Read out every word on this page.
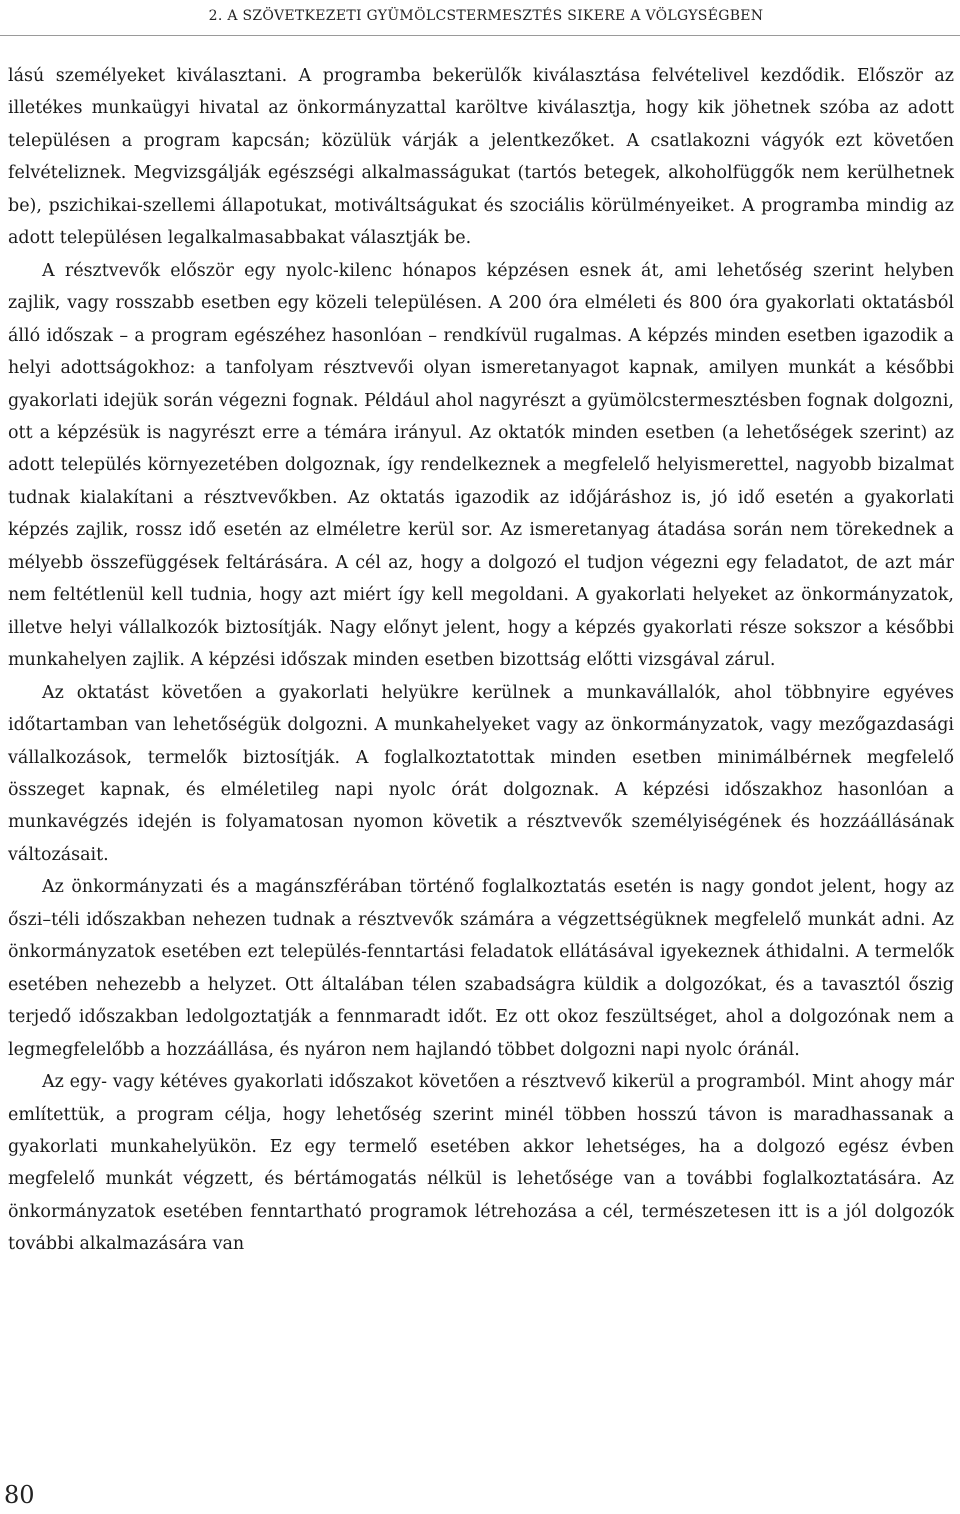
2. A SZÖVETKEZETI GYÜMÖLCSTERMESZTÉS SIKERE A VÖLGYSÉGBEN

lású személyeket kiválasztani. A programba bekerülők kiválasztása felvételivel kezdődik. Először az illetékes munkaügyi hivatal az önkormányzattal karöltve kiválasztja, hogy kik jöhetnek szóba az adott településen a program kapcsán; közülük várják a jelentkezőket. A csatlakozni vágyók ezt követően felvételiznek. Megvizsgálják egészségi alkalmasságukat (tartós betegek, alkoholfüggők nem kerülhetnek be), pszichikai-szellemi állapotukat, motiváltságukat és szociális körülményeiket. A programba mindig az adott településen legalkalmasabbakat választják be.

A résztvevők először egy nyolc-kilenc hónapos képzésen esnek át, ami lehetőség szerint helyben zajlik, vagy rosszabb esetben egy közeli településen. A 200 óra elméleti és 800 óra gyakorlati oktatásból álló időszak – a program egészéhez hasonlóan – rendkívül rugalmas. A képzés minden esetben igazodik a helyi adottságokhoz: a tanfolyam résztvevői olyan ismeretanyagot kapnak, amilyen munkát a későbbi gyakorlati idejük során végezni fognak. Például ahol nagyrészt a gyümölcstermesztésben fognak dolgozni, ott a képzésük is nagyrészt erre a témára irányul. Az oktatók minden esetben (a lehetőségek szerint) az adott település környezetében dolgoznak, így rendelkeznek a megfelelő helyismerettel, nagyobb bizalmat tudnak kialakítani a résztvevőkben. Az oktatás igazodik az időjáráshoz is, jó idő esetén a gyakorlati képzés zajlik, rossz idő esetén az elméletre kerül sor. Az ismeretanyag átadása során nem törekednek a mélyebb összefüggések feltárására. A cél az, hogy a dolgozó el tudjon végezni egy feladatot, de azt már nem feltétlenül kell tudnia, hogy azt miért így kell megoldani. A gyakorlati helyeket az önkormányzatok, illetve helyi vállalkozók biztosítják. Nagy előnyt jelent, hogy a képzés gyakorlati része sokszor a későbbi munkahelyen zajlik. A képzési időszak minden esetben bizottság előtti vizsgával zárul.

Az oktatást követően a gyakorlati helyükre kerülnek a munkavállalók, ahol többnyire egyéves időtartamban van lehetőségük dolgozni. A munkahelyeket vagy az önkormányzatok, vagy mezőgazdasági vállalkozások, termelők biztosítják. A foglalkoztatottak minden esetben minimálbérnek megfelelő összeget kapnak, és elméletileg napi nyolc órát dolgoznak. A képzési időszakhoz hasonlóan a munkavégzés idején is folyamatosan nyomon követik a résztvevők személyiségének és hozzáállásának változásait.

Az önkormányzati és a magánszférában történő foglalkoztatás esetén is nagy gondot jelent, hogy az őszi–téli időszakban nehezen tudnak a résztvevők számára a végzettségüknek megfelelő munkát adni. Az önkormányzatok esetében ezt település-fenntartási feladatok ellátásával igyekeznek áthidalni. A termelők esetében nehezebb a helyzet. Ott általában télen szabadságra küldik a dolgozókat, és a tavasztól őszig terjedő időszakban ledolgoztatják a fennmaradt időt. Ez ott okoz feszültséget, ahol a dolgozónak nem a legmegfelelőbb a hozzáállása, és nyáron nem hajlandó többet dolgozni napi nyolc óránál.

Az egy- vagy kétéves gyakorlati időszakot követően a résztvevő kikerül a programból. Mint ahogy már említettük, a program célja, hogy lehetőség szerint minél többen hosszú távon is maradhassanak a gyakorlati munkahelyükön. Ez egy termelő esetében akkor lehetséges, ha a dolgozó egész évben megfelelő munkát végzett, és bértámogatás nélkül is lehetősége van a további foglalkoztatására. Az önkormányzatok esetében fenntartható programok létrehozása a cél, természetesen itt is a jól dolgozók további alkalmazására van

80
